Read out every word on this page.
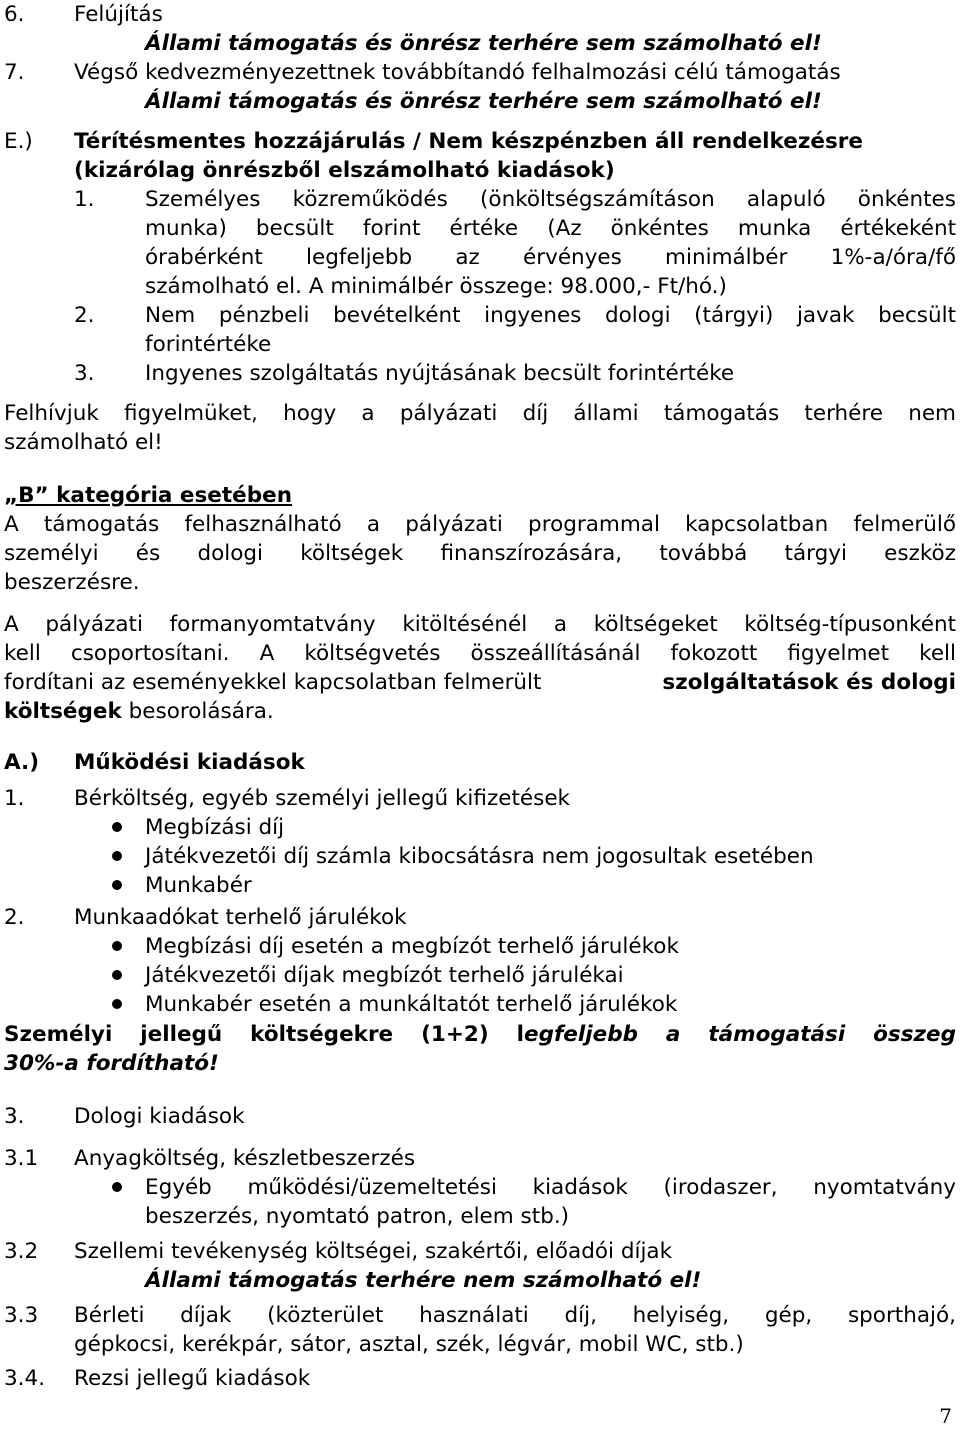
6. Felújítás
Állami támogatás és önrész terhére sem számolható el!
7. Végső kedvezményezettnek továbbítandó felhalmozási célú támogatás
Állami támogatás és önrész terhére sem számolható el!
E.) Térítésmentes hozzájárulás / Nem készpénzben áll rendelkezésre
(kizárólag önrészből elszámolható kiadások)
1. Személyes közreműködés (önköltségszámításon alapuló önkéntes
munka) becsült forint értéke (Az önkéntes munka értékeként
órabérként legfeljebb az érvényes minimálbér 1%-a/óra/fő
számolható el. A minimálbér összege: 98.000,- Ft/hó.)
2. Nem pénzbeli bevételként ingyenes dologi (tárgyi) javak becsült
forintértéke
3. Ingyenes szolgáltatás nyújtásának becsült forintértéke
Felhívjuk figyelmüket, hogy a pályázati díj állami támogatás terhére nem
számolható el!
„B” kategória esetében
A támogatás felhasználható a pályázati programmal kapcsolatban felmerülő
személyi és dologi költségek finanszírozására, továbbá tárgyi eszköz
beszerzésre.
A pályázati formanyomtatvány kitöltésénél a költségeket költség-típusonként
kell csoportosítani. A költségvetés összeállításánál fokozott figyelmet kell
fordítani az eseményekkel kapcsolatban felmerült	szolgáltatások és dologi
költségek besorolására.
A.) Működési kiadások
1. Bérköltség, egyéb személyi jellegű kifizetések
Megbízási díj
Játékvezetői díj számla kibocsátásra nem jogosultak esetében
Munkabér
2. Munkaadókat terhelő járulékok
Megbízási díj esetén a megbízót terhelő járulékok
Játékvezetői díjak megbízót terhelő járulékai
Munkabér esetén a munkáltatót terhelő járulékok
Személyi jellegű költségekre (1+2) legfeljebb a támogatási összeg
30%-a fordítható!
3. Dologi kiadások
3.1 Anyagköltség, készletbeszerzés
Egyéb működési/üzemeltetési kiadások (irodaszer, nyomtatvány
beszerzés, nyomtató patron, elem stb.)
3.2 Szellemi tevékenység költségei, szakértői, előadói díjak
Állami támogatás terhére nem számolható el!
3.3 Bérleti díjak (közterület használati díj, helyiség, gép, sporthajó,
gépkocsi, kerékpár, sátor, asztal, szék, légvár, mobil WC, stb.)
3.4. Rezsi jellegű kiadások
7
